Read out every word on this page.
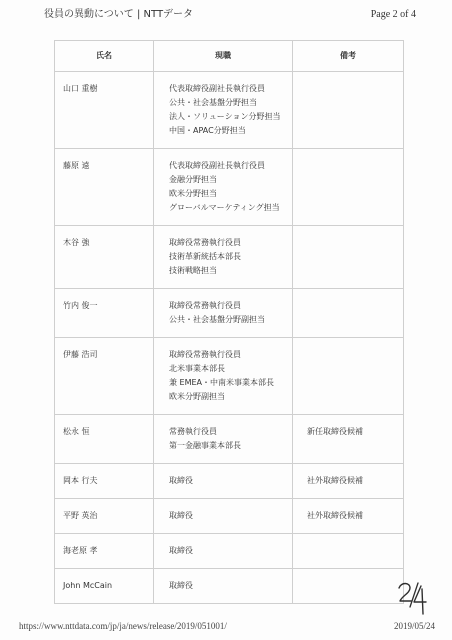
役員の異動について | NTTデータ	Page 2 of 4
氏名	現職	備考

山口 重樹	代表取締役副社長執行役員
公共・社会基盤分野担当
法人・ソリューション分野担当
中国・APAC分野担当	

藤原 遠	代表取締役副社長執行役員
金融分野担当
欧米分野担当
グローバルマーケティング担当	

木谷 強	取締役常務執行役員
技術革新統括本部長
技術戦略担当	

竹内 俊一	取締役常務執行役員
公共・社会基盤分野副担当	

伊藤 浩司	取締役常務執行役員
北米事業本部長
兼 EMEA・中南米事業本部長
欧米分野副担当	

松永 恒	常務執行役員
第一金融事業本部長	新任取締役候補

岡本 行夫	取締役	社外取締役候補

平野 英治	取締役	社外取締役候補

海老原 孝	取締役	

John McCain	取締役	

https://www.nttdata.com/jp/ja/news/release/2019/051001/	2019/05/24
